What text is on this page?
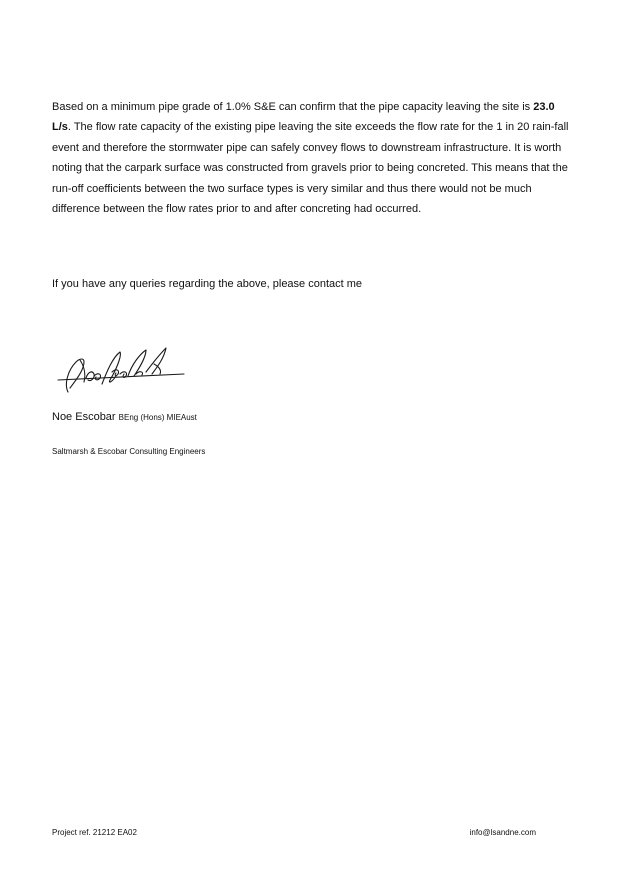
Based on a minimum pipe grade of 1.0% S&E can confirm that the pipe capacity leaving the site is 23.0 L/s. The flow rate capacity of the existing pipe leaving the site exceeds the flow rate for the 1 in 20 rain-fall event and therefore the stormwater pipe can safely convey flows to downstream infrastructure. It is worth noting that the carpark surface was constructed from gravels prior to being concreted. This means that the run-off coefficients between the two surface types is very similar and thus there would not be much difference between the flow rates prior to and after concreting had occurred.

If you have any queries regarding the above, please contact me

Noe Escobar BEng (Hons) MIEAust
Saltmarsh & Escobar Consulting Engineers
Project ref. 21212 EA02	info@lsandne.com
